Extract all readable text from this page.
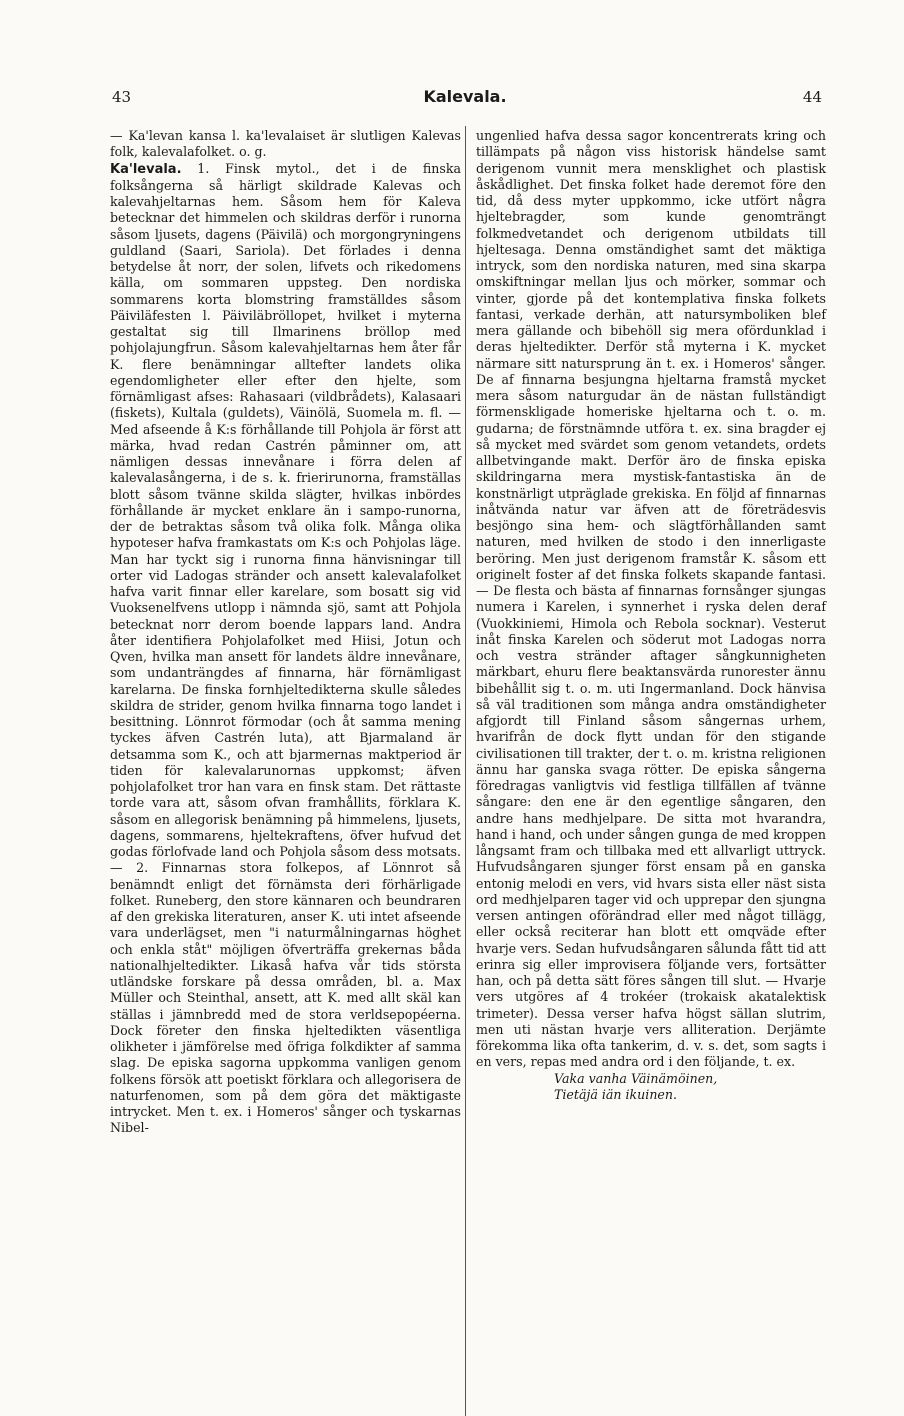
43	Kalevala.	44

— Ka'levan kansa l. ka'levalaiset är slutligen Kalevas folk, kalevalafolket. o. g.

Ka'levala. 1. Finsk mytol., det i de finska folksångerna så härligt skildrade Kalevas och kalevahjeltarnas hem. Såsom hem för Kaleva betecknar det himmelen och skildras derför i runorna såsom ljusets, dagens (Päivilä) och morgongryningens guldland (Saari, Sariola). Det förlades i denna betydelse åt norr, der solen, lifvets och rikedomens källa, om sommaren uppsteg. Den nordiska sommarens korta blomstring framställdes såsom Päiviläfesten l. Päiviläbröllopet, hvilket i myterna gestaltat sig till Ilmarinens bröllop med pohjolajungfrun. Såsom kalevahjeltarnas hem åter får K. flere benämningar alltefter landets olika egendomligheter eller efter den hjelte, som förnämligast afses: Rahasaari (vildbrådets), Kalasaari (fiskets), Kultala (guldets), Väinölä, Suomela m. fl. — Med afseende å K:s förhållande till Pohjola är först att märka, hvad redan Castrén påminner om, att nämligen dessas innevånare i förra delen af kalevalasångerna, i de s. k. frierirunorna, framställas blott såsom tvänne skilda slägter, hvilkas inbördes förhållande är mycket enklare än i sampo-runorna, der de betraktas såsom två olika folk. Många olika hypoteser hafva framkastats om K:s och Pohjolas läge. Man har tyckt sig i runorna finna hänvisningar till orter vid Ladogas stränder och ansett kalevalafolket hafva varit finnar eller karelare, som bosatt sig vid Vuoksenelfvens utlopp i nämnda sjö, samt att Pohjola betecknat norr derom boende lappars land. Andra åter identifiera Pohjolafolket med Hiisi, Jotun och Qven, hvilka man ansett för landets äldre innevånare, som undanträngdes af finnarna, här förnämligast karelarna. De finska fornhjeltedikterna skulle således skildra de strider, genom hvilka finnarna togo landet i besittning. Lönnrot förmodar (och åt samma mening tyckes äfven Castrén luta), att Bjarmaland är detsamma som K., och att bjarmernas maktperiod är tiden för kalevalarunornas uppkomst; äfven pohjolafolket tror han vara en finsk stam. Det rättaste torde vara att, såsom ofvan framhållits, förklara K. såsom en allegorisk benämning på himmelens, ljusets, dagens, sommarens, hjeltekraftens, öfver hufvud det godas förlofvade land och Pohjola såsom dess motsats. — 2. Finnarnas stora folkepos, af Lönnrot så benämndt enligt det förnämsta deri förhärligade folket. Runeberg, den store kännaren och beundraren af den grekiska literaturen, anser K. uti intet afseende vara underlägset, men "i naturmålningarnas höghet och enkla ståt" möjligen öfverträffa grekernas båda nationalhjeltedikter. Likaså hafva vår tids största utländske forskare på dessa områden, bl. a. Max Müller och Steinthal, ansett, att K. med allt skäl kan ställas i jämnbredd med de stora verldsepopéerna. Dock företer den finska hjeltedikten väsentliga olikheter i jämförelse med öfriga folkdikter af samma slag. De episka sagorna uppkomma vanligen genom folkens försök att poetiskt förklara och allegorisera de naturfenomen, som på dem göra det mäktigaste intrycket. Men t. ex. i Homeros' sånger och tyskarnas Nibel-

ungenlied hafva dessa sagor koncentrerats kring och tillämpats på någon viss historisk händelse samt derigenom vunnit mera mensklighet och plastisk åskådlighet. Det finska folket hade deremot före den tid, då dess myter uppkommo, icke utfört några hjeltebragder, som kunde genomträngt folkmedvetandet och derigenom utbildats till hjeltesaga. Denna omständighet samt det mäktiga intryck, som den nordiska naturen, med sina skarpa omskiftningar mellan ljus och mörker, sommar och vinter, gjorde på det kontemplativa finska folkets fantasi, verkade derhän, att natursymboliken blef mera gällande och bibehöll sig mera ofördunklad i deras hjeltedikter. Derför stå myterna i K. mycket närmare sitt natursprung än t. ex. i Homeros' sånger. De af finnarna besjungna hjeltarna framstå mycket mera såsom naturgudar än de nästan fullständigt förmenskligade homeriske hjeltarna och t. o. m. gudarna; de förstnämnde utföra t. ex. sina bragder ej så mycket med svärdet som genom vetandets, ordets allbetvingande makt. Derför äro de finska episka skildringarna mera mystisk-fantastiska än de konstnärligt utpräglade grekiska. En följd af finnarnas inåtvända natur var äfven att de företrädesvis besjöngo sina hem- och slägtförhållanden samt naturen, med hvilken de stodo i den innerligaste beröring. Men just derigenom framstår K. såsom ett originelt foster af det finska folkets skapande fantasi. — De flesta och bästa af finnarnas fornsånger sjungas numera i Karelen, i synnerhet i ryska delen deraf (Vuokkiniemi, Himola och Rebola socknar). Vesterut inåt finska Karelen och söderut mot Ladogas norra och vestra stränder aftager sångkunnigheten märkbart, ehuru flere beaktansvärda runorester ännu bibehållit sig t. o. m. uti Ingermanland. Dock hänvisa så väl traditionen som många andra omständigheter afgjordt till Finland såsom sångernas urhem, hvarifrån de dock flytt undan för den stigande civilisationen till trakter, der t. o. m. kristna religionen ännu har ganska svaga rötter. De episka sångerna föredragas vanligtvis vid festliga tillfällen af tvänne sångare: den ene är den egentlige sångaren, den andre hans medhjelpare. De sitta mot hvarandra, hand i hand, och under sången gunga de med kroppen långsamt fram och tillbaka med ett allvarligt uttryck. Hufvudsångaren sjunger först ensam på en ganska entonig melodi en vers, vid hvars sista eller näst sista ord medhjelparen tager vid och upprepar den sjungna versen antingen oförändrad eller med något tillägg, eller också reciterar han blott ett omqväde efter hvarje vers. Sedan hufvudsångaren sålunda fått tid att erinra sig eller improvisera följande vers, fortsätter han, och på detta sätt föres sången till slut. — Hvarje vers utgöres af 4 trokéer (trokaisk akatalektisk trimeter). Dessa verser hafva högst sällan slutrim, men uti nästan hvarje vers alliteration. Derjämte förekomma lika ofta tankerim, d. v. s. det, som sagts i en vers, repas med andra ord i den följande, t. ex.

Vaka vanha Väinämöinen,
Tietäjä iän ikuinen.
